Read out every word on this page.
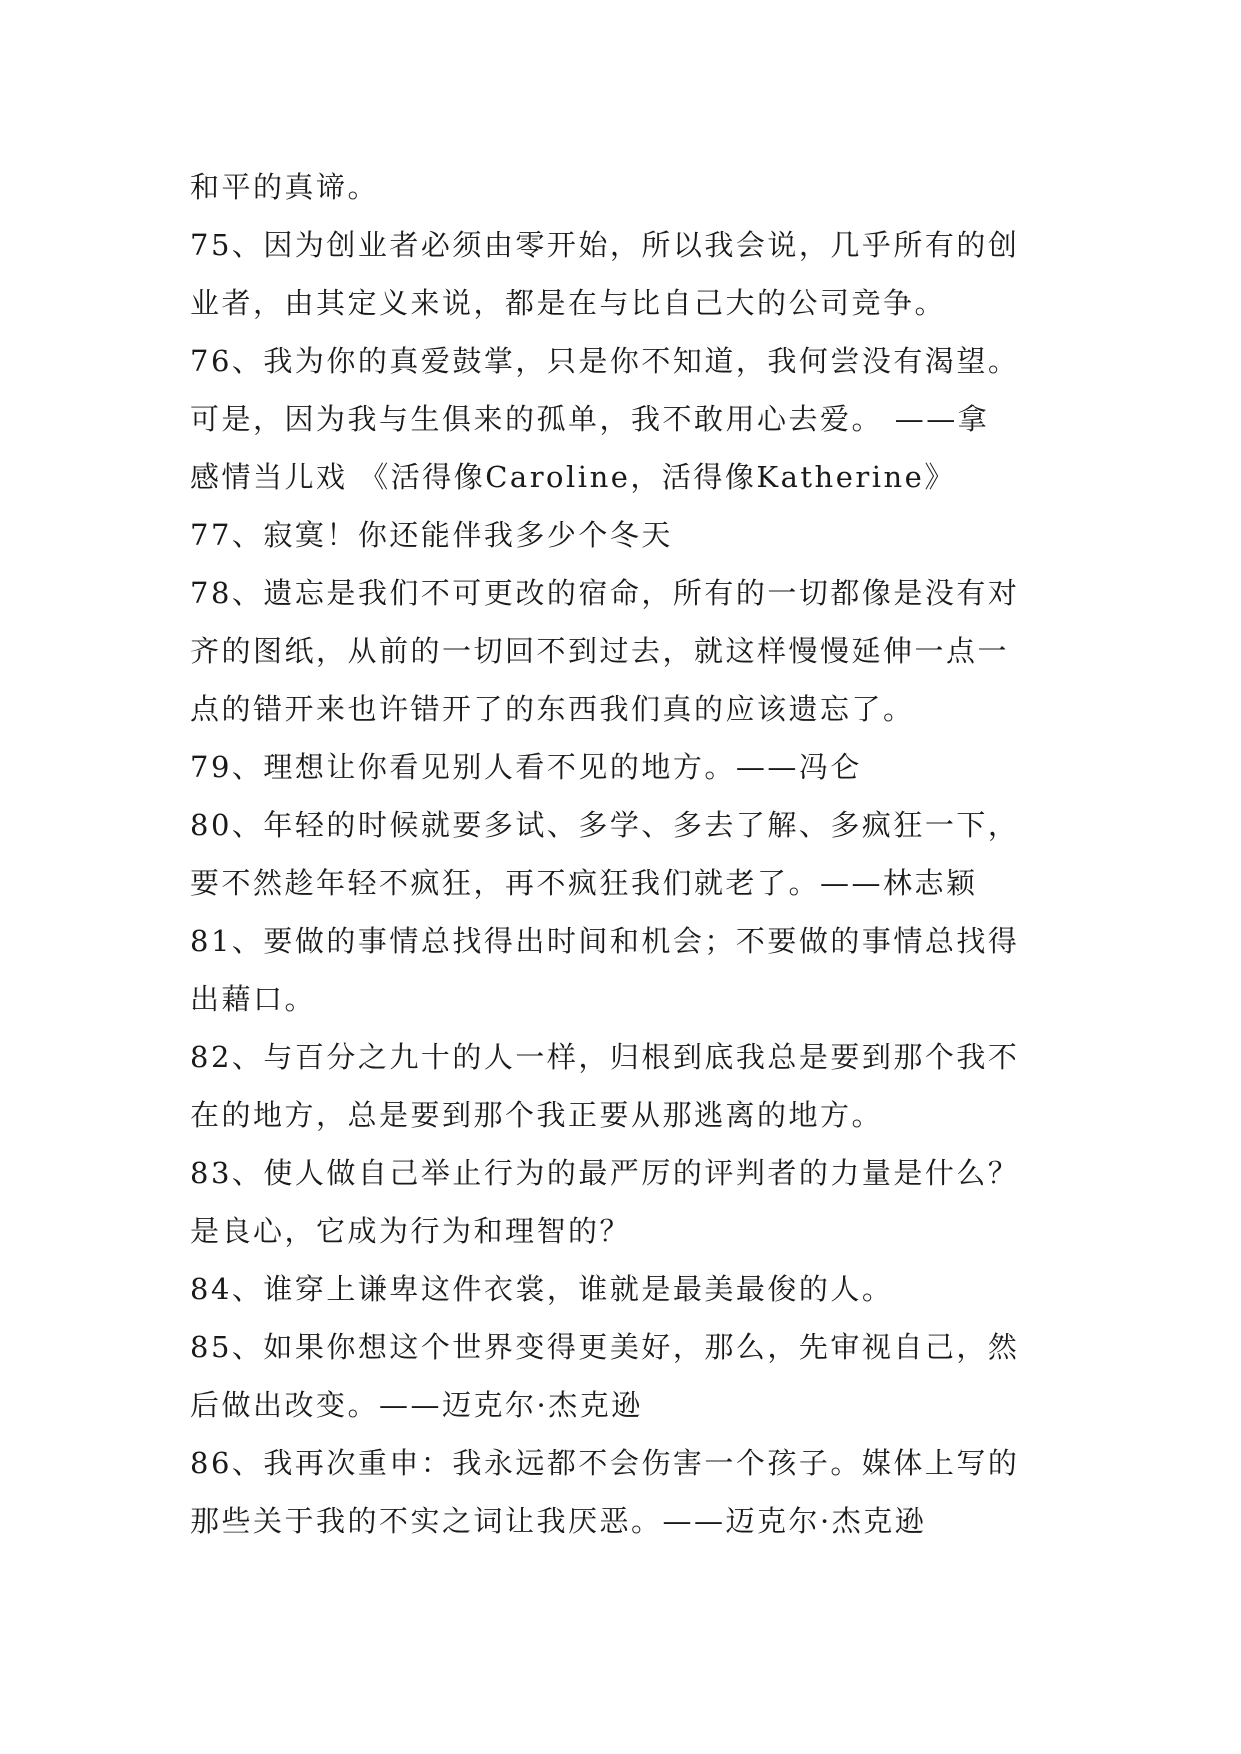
和平的真谛。
75、因为创业者必须由零开始，所以我会说，几乎所有的创
业者，由其定义来说，都是在与比自己大的公司竞争。
76、我为你的真爱鼓掌，只是你不知道，我何尝没有渴望。
可是，因为我与生俱来的孤单，我不敢用心去爱。 ——拿
感情当儿戏 《活得像Caroline，活得像Katherine》
77、寂寞！你还能伴我多少个冬天
78、遗忘是我们不可更改的宿命，所有的一切都像是没有对
齐的图纸，从前的一切回不到过去，就这样慢慢延伸一点一
点的错开来也许错开了的东西我们真的应该遗忘了。
79、理想让你看见别人看不见的地方。——冯仑
80、年轻的时候就要多试、多学、多去了解、多疯狂一下，
要不然趁年轻不疯狂，再不疯狂我们就老了。——林志颖
81、要做的事情总找得出时间和机会；不要做的事情总找得
出藉口。
82、与百分之九十的人一样，归根到底我总是要到那个我不
在的地方，总是要到那个我正要从那逃离的地方。
83、使人做自己举止行为的最严厉的评判者的力量是什么？
是良心，它成为行为和理智的？
84、谁穿上谦卑这件衣裳，谁就是最美最俊的人。
85、如果你想这个世界变得更美好，那么，先审视自己，然
后做出改变。——迈克尔·杰克逊
86、我再次重申：我永远都不会伤害一个孩子。媒体上写的
那些关于我的不实之词让我厌恶。——迈克尔·杰克逊
